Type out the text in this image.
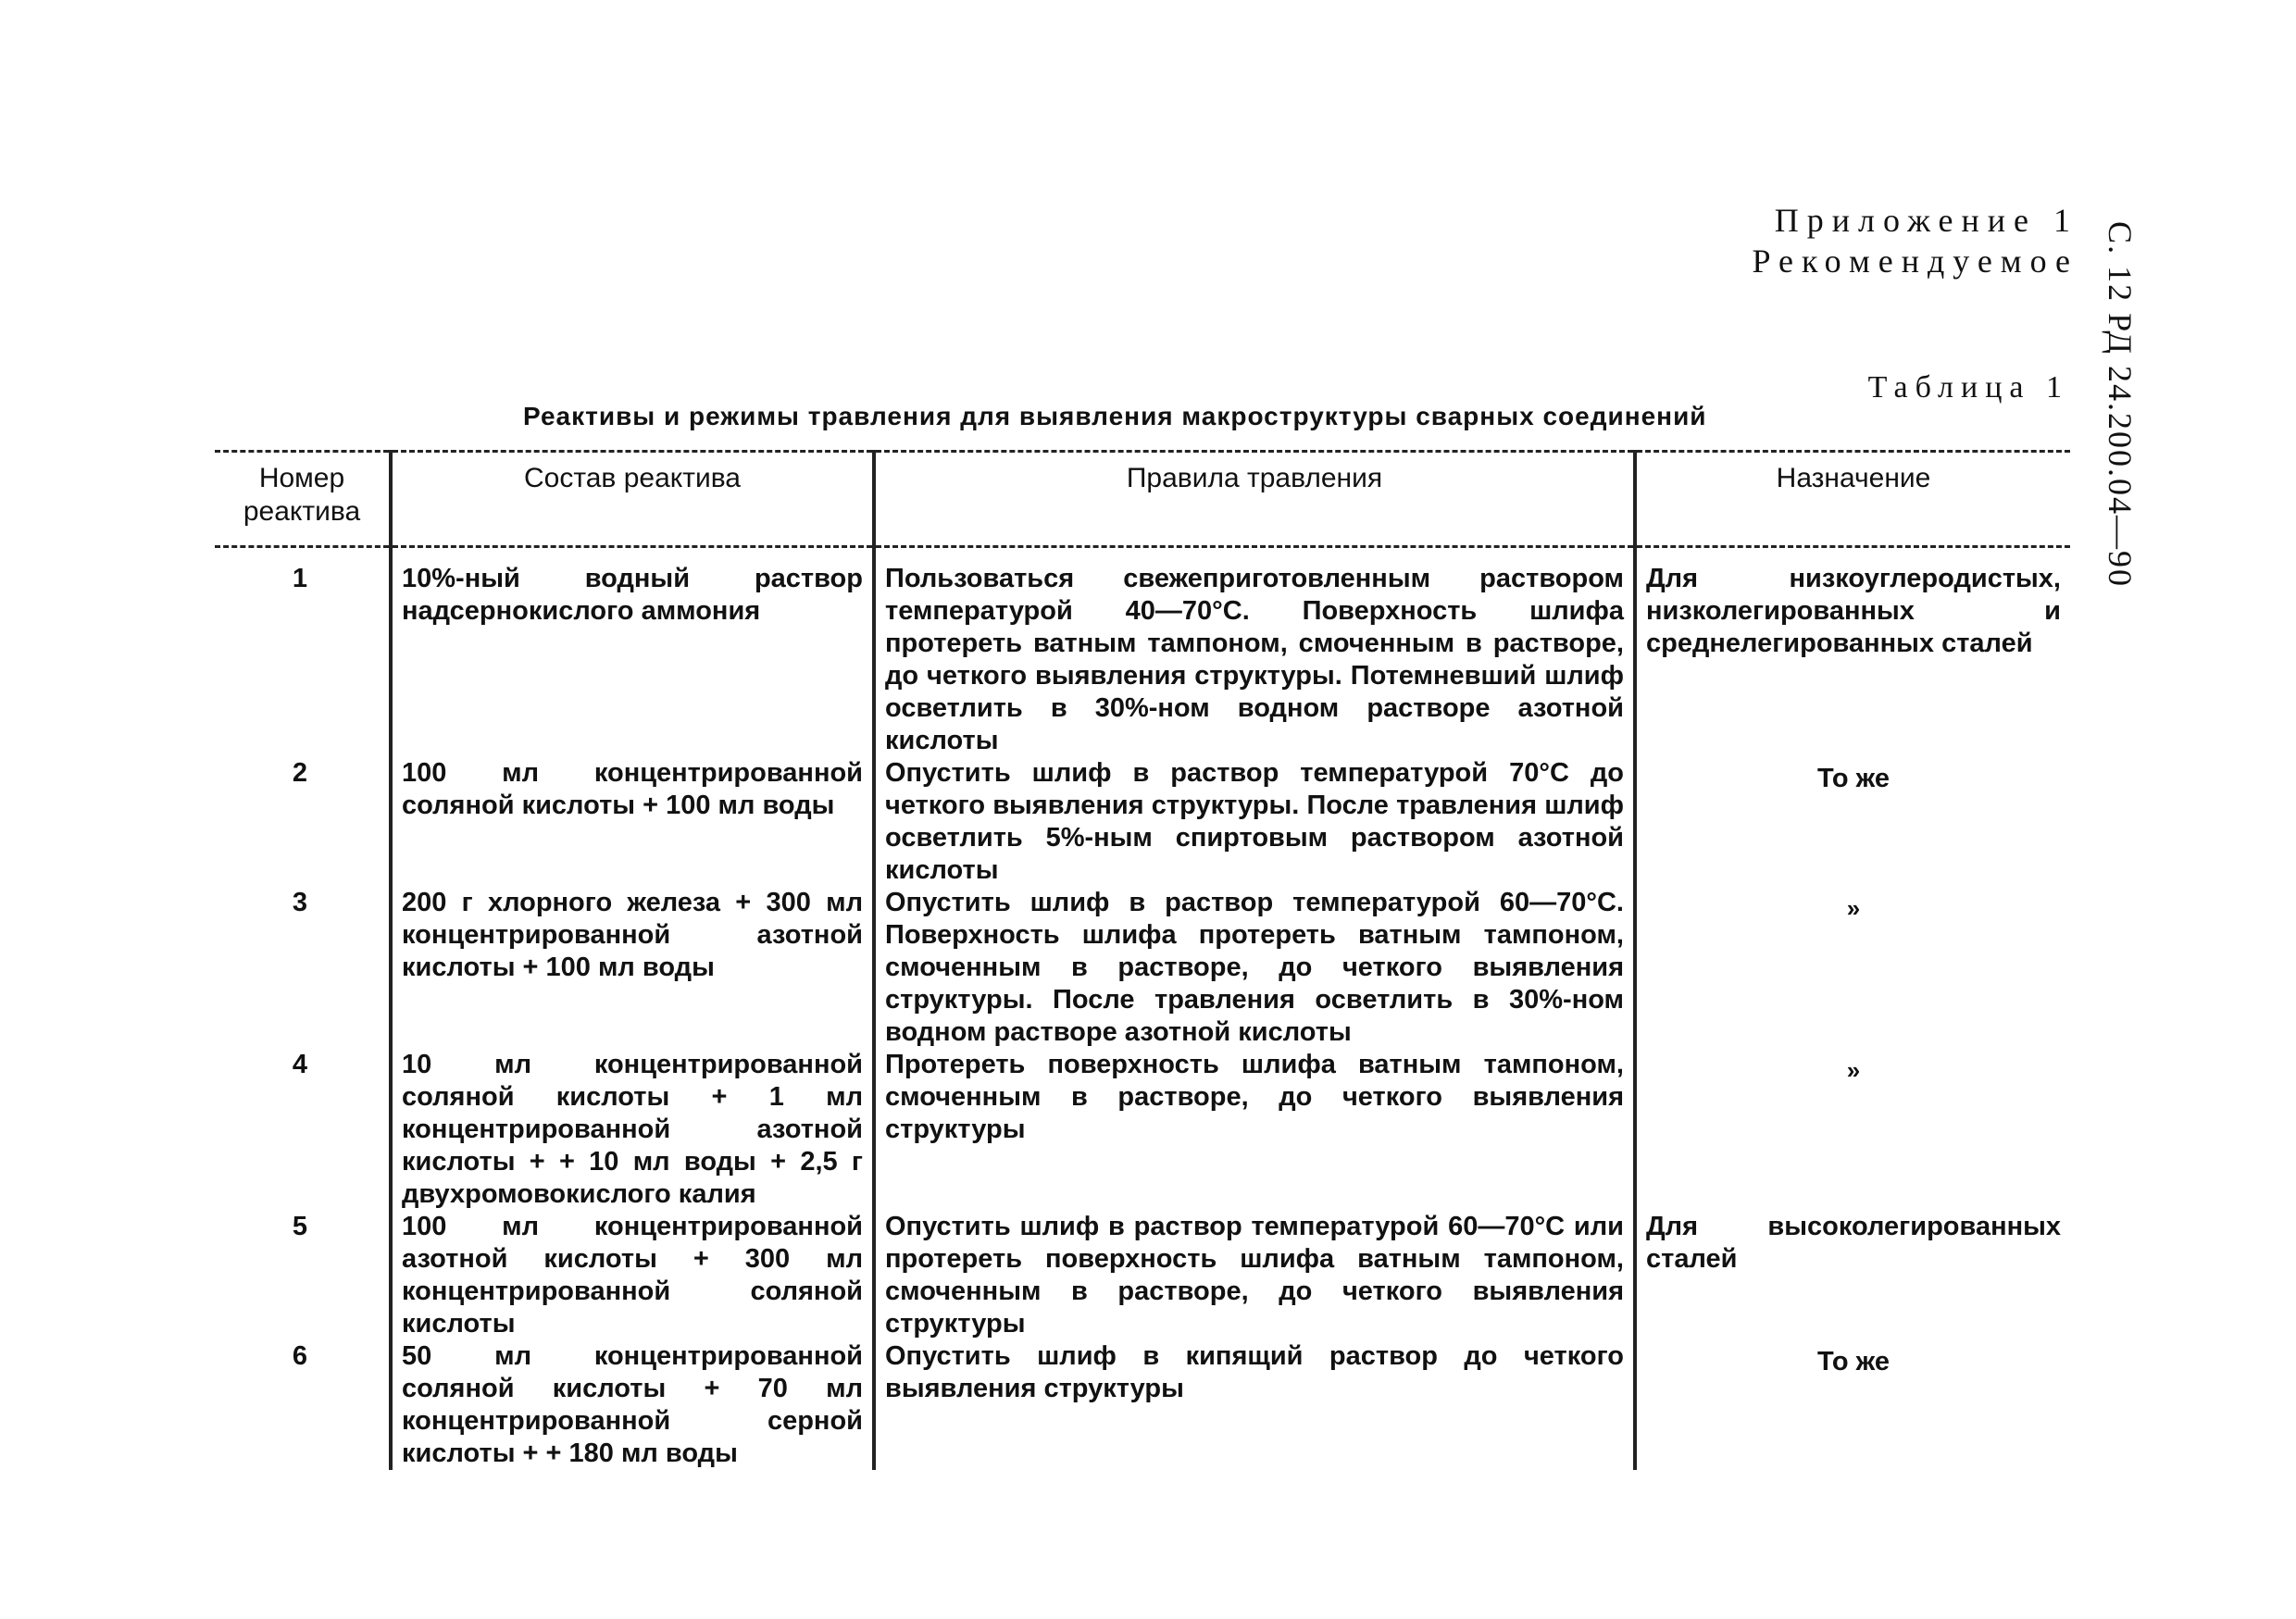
Приложение 1
Рекомендуемое С. 12 РД 24.200.04—90
Таблица 1
Реактивы и режимы травления для выявления макроструктуры сварных соединений
Номер реактива	Состав реактива	Правила травления	Назначение
1	10%-ный водный раствор надсернокислого аммония	Пользоваться свежеприготовленным раствором температурой 40—70°С. Поверхность шлифа протереть ватным тампоном, смоченным в растворе, до четкого выявления структуры. Потемневший шлиф осветлить в 30%-ном водном растворе азотной кислоты	Для низкоуглеродистых, низколегированных и среднелегированных сталей
2	100 мл концентрированной соляной кислоты + 100 мл воды	Опустить шлиф в раствор температурой 70°С до четкого выявления структуры. После травления шлиф осветлить 5%-ным спиртовым раствором азотной кислоты	То же
3	200 г хлорного железа + 300 мл концентрированной азотной кислоты + 100 мл воды	Опустить шлиф в раствор температурой 60—70°С. Поверхность шлифа протереть ватным тампоном, смоченным в растворе, до четкого выявления структуры. После травления осветлить в 30%-ном водном растворе азотной кислоты	»
4	10 мл концентрированной соляной кислоты + 1 мл концентрированной азотной кислоты + + 10 мл воды + 2,5 г двухромовокислого калия	Протереть поверхность шлифа ватным тампоном, смоченным в растворе, до четкого выявления структуры	»
5	100 мл концентрированной азотной кислоты + 300 мл концентрированной соляной кислоты	Опустить шлиф в раствор температурой 60—70°С или протереть поверхность шлифа ватным тампоном, смоченным в растворе, до четкого выявления структуры	Для высоколегированных сталей
6	50 мл концентрированной соляной кислоты + 70 мл концентрированной серной кислоты + + 180 мл воды	Опустить шлиф в кипящий раствор до четкого выявления структуры	То же
